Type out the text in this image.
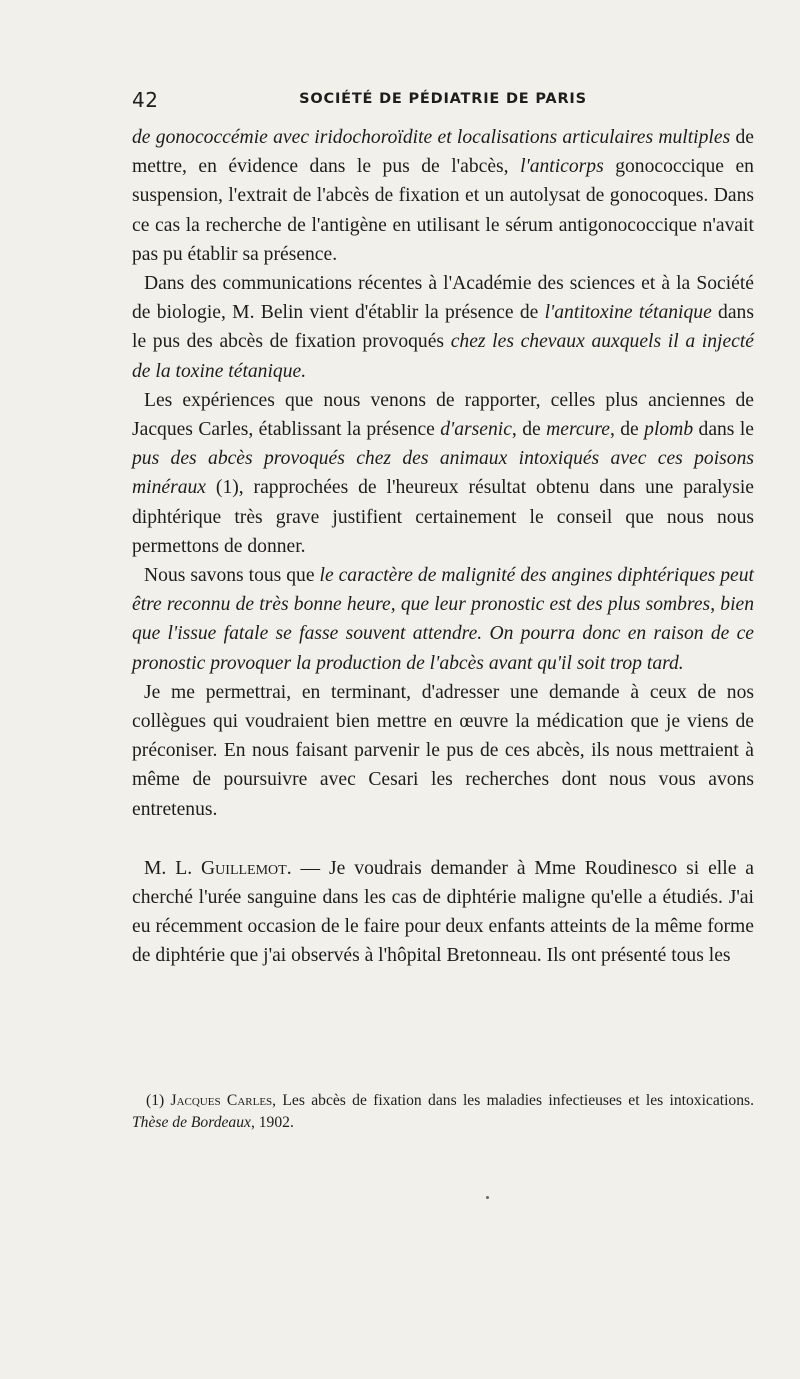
42	SOCIÉTÉ DE PÉDIATRIE DE PARIS

de gonococcémie avec iridochoroïdite et localisations articulaires multiples de mettre, en évidence dans le pus de l'abcès, l'anticorps gonococcique en suspension, l'extrait de l'abcès de fixation et un autolysat de gonocoques. Dans ce cas la recherche de l'antigène en utilisant le sérum antigonococcique n'avait pas pu établir sa présence.

Dans des communications récentes à l'Académie des sciences et à la Société de biologie, M. Belin vient d'établir la présence de l'antitoxine tétanique dans le pus des abcès de fixation provoqués chez les chevaux auxquels il a injecté de la toxine tétanique.

Les expériences que nous venons de rapporter, celles plus anciennes de Jacques Carles, établissant la présence d'arsenic, de mercure, de plomb dans le pus des abcès provoqués chez des animaux intoxiqués avec ces poisons minéraux (1), rapprochées de l'heureux résultat obtenu dans une paralysie diphtérique très grave justifient certainement le conseil que nous nous permettons de donner.

Nous savons tous que le caractère de malignité des angines diphtériques peut être reconnu de très bonne heure, que leur pronostic est des plus sombres, bien que l'issue fatale se fasse souvent attendre. On pourra donc en raison de ce pronostic provoquer la production de l'abcès avant qu'il soit trop tard.

Je me permettrai, en terminant, d'adresser une demande à ceux de nos collègues qui voudraient bien mettre en œuvre la médication que je viens de préconiser. En nous faisant parvenir le pus de ces abcès, ils nous mettraient à même de poursuivre avec Cesari les recherches dont nous vous avons entretenus.

M. L. Guillemot. — Je voudrais demander à Mme Roudinesco si elle a cherché l'urée sanguine dans les cas de diphtérie maligne qu'elle a étudiés. J'ai eu récemment occasion de le faire pour deux enfants atteints de la même forme de diphtérie que j'ai observés à l'hôpital Bretonneau. Ils ont présenté tous les

(1) Jacques Carles, Les abcès de fixation dans les maladies infectieuses et les intoxications. Thèse de Bordeaux, 1902.
